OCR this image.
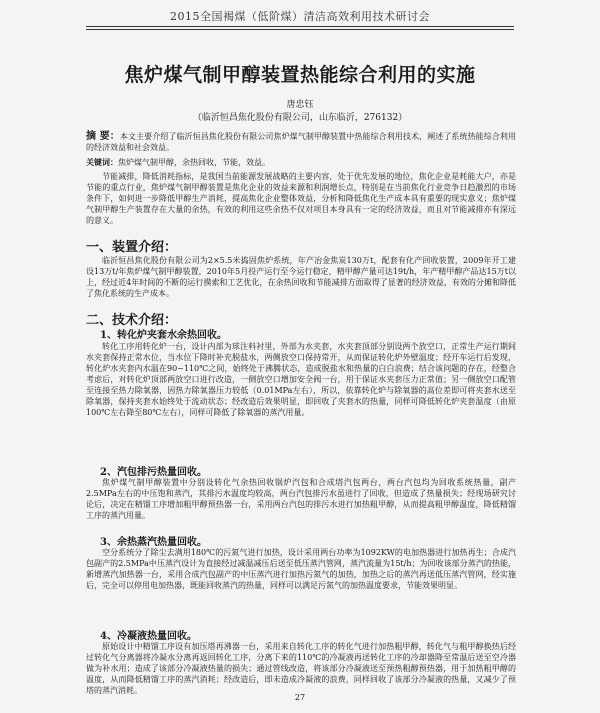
2015全国褐煤（低阶煤）清洁高效利用技术研讨会
焦炉煤气制甲醇装置热能综合利用的实施
唐忠钰
（临沂恒昌焦化股份有限公司，山东临沂，276132）

摘 要：本文主要介绍了临沂恒昌焦化股份有限公司焦炉煤气制甲醇装置中热能综合利用技术，阐述了系统热能综合利用的经济效益和社会效益。

关键词：焦炉煤气制甲醇，余热回收，节能，效益。

节能减排，降低消耗指标，是我国当前能源发展战略的主要内容，处于优先发展的地位，焦化企业是耗能大户，亦是节能的重点行业，焦炉煤气制甲醇装置是焦化企业的效益来源和利润增长点，特别是在当前焦化行业竞争日趋激烈的市场条件下，如何进一步降低甲醇生产消耗，提高焦化企业整体效益，分析和降低焦化生产成本具有重要的现实意义；焦炉煤气制甲醇生产装置存在大量的余热，有效的利用这些余热不仅对项目本身具有一定的经济效益，而且对节能减排亦有深远的意义。

一、装置介绍：

临沂恒昌焦化股份有限公司为2×5.5米捣固焦炉系统，年产冶金焦炭130万t，配套有化产回收装置，2009年开工建设13万t/年焦炉煤气制甲醇装置，2010年5月投产运行至今运行稳定，精甲醇产量可达19t/h，年产精甲醇产品达15万t以上，经过近4年时间的不断的运行摸索和工艺优化，在余热回收和节能减排方面取得了显著的经济效益，有效的分摊和降低了焦化系统的生产成本。

二、技术介绍：
1、转化炉夹套水余热回收。

转化工序用转化炉一台，设计内部为球注料衬里，外部为水夹套，水夹套顶部分别设两个放空口，正常生产运行期间水夹套保持正常水位，当水位下降时补充脱盐水，两侧放空口保持常开，从而保证转化炉外壁温度；经开车运行后发现，转化炉水夹套内水温在90~110℃之间，始终处于沸腾状态，造成脱盐水和热量的白白浪费；结合该问题的存在，经整合考虑后，对转化炉顶部两放空口进行改造，一侧放空口增加安全阀一台，用于保证水夹套压力正常值；另一侧放空口配管至连接至热力除氧器，因热力除氧器压力较低（0.01MPa左右），所以，依靠转化炉与除氧器的高位差即可将夹套水送至除氧器，保持夹套水始终处于流动状态；经改造后效果明显，即回收了夹套水的热量，同样可降低转化炉夹套温度（由原100℃左右降至80℃左右），同样可降低了除氧器的蒸汽用量。

2、汽包排污热量回收。

焦炉煤气制甲醇装置中分别设转化气余热回收锅炉汽包和合成塔汽包两台，两台汽包均为回收系统热量，副产2.5MPa左右的中压饱和蒸汽，其排污水温度均较高，两台汽包排污水虽进行了回收，但造成了热量损失；经现场研究讨论后，决定在精馏工序增加粗甲醇预热器一台，采用两台汽包的排污水进行加热粗甲醇，从而提高粗甲醇温度，降低精馏工序的蒸汽用量。

3、余热蒸汽热量回收。

空分系统分了除尘去满用180℃的污氮气进行加热，设计采用两台功率为1092KW的电加热器进行加热再生；合成汽包副产的2.5MPa中压蒸汽设计为直接经过减温减压后送至低压蒸汽管网，蒸汽流量为15t/h；为回收该部分蒸汽的热能，新增蒸汽加热器一台，采用合成汽包副产的中压蒸汽进行加热污氮气的加热，加热之后的蒸汽再送低压蒸汽管网，经实施后，完全可以停用电加热器，既能回收蒸汽的热量，同样可以满足污氮气的加热温度要求，节能效果明显。

4、冷凝液热量回收。

原始设计中精馏工序设有加压塔再沸器一台，采用来自转化工序的转化气进行加热粗甲醇，转化气与粗甲醇换热后经过转化气分离器将冷凝水分离再返回转化工序，分离下来的110℃的冷凝液再送转化工序的冷却器降至常温后送至空冷器做为补水用；造成了该部分冷凝液热量的损失；通过管线改造，将该部分冷凝液送至预热粗醇预热器，用于加热粗甲醇的温度，从而降低精馏工序的蒸汽消耗；经改造后，即未造成冷凝液的浪费，同样回收了该部分冷凝液的热量，又减少了预塔的蒸汽消耗。

27
